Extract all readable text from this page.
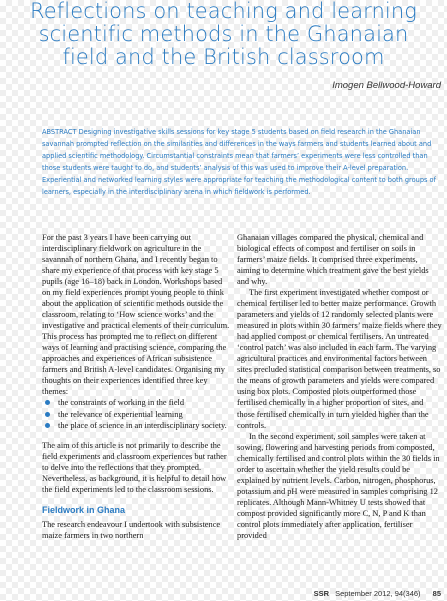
Reflections on teaching and learning
scientific methods in the Ghanaian
field and the British classroom
Imogen Bellwood-Howard
ABSTRACT Designing investigative skills sessions for key stage 5 students based on field research in the Ghanaian savannah prompted reflection on the similarities and differences in the ways farmers and students learned about and applied scientific methodology. Circumstantial constraints mean that farmers’ experiments were less controlled than those students were taught to do, and students’ analysis of this was used to improve their A-level preparation. Experiential and networked learning styles were appropriate for teaching the methodological content to both groups of learners, especially in the interdisciplinary arena in which fieldwork is performed.

For the past 3 years I have been carrying out interdisciplinary fieldwork on agriculture in the savannah of northern Ghana, and I recently began to share my experience of that process with key stage 5 pupils (age 16–18) back in London. Workshops based on my field experiences prompt young people to think about the application of scientific methods outside the classroom, relating to ‘How science works’ and the investigative and practical elements of their curriculum. This process has prompted me to reflect on different ways of learning and practising science, comparing the approaches and experiences of African subsistence farmers and British A-level candidates. Organising my thoughts on their experiences identified three key themes:

the constraints of working in the field
the relevance of experiential learning
the place of science in an interdisciplinary society.

The aim of this article is not primarily to describe the field experiments and classroom experiences but rather to delve into the reflections that they prompted. Nevertheless, as background, it is helpful to detail how the field experiments led to the classroom sessions.

Fieldwork in Ghana

The research endeavour I undertook with subsistence maize farmers in two northern

Ghanaian villages compared the physical, chemical and biological effects of compost and fertiliser on soils in farmers’ maize fields. It comprised three experiments, aiming to determine which treatment gave the best yields and why.

The first experiment investigated whether compost or chemical fertiliser led to better maize performance. Growth parameters and yields of 12 randomly selected plants were measured in plots within 30 farmers’ maize fields where they had applied compost or chemical fertilisers. An untreated ‘control patch’ was also included in each farm. The varying agricultural practices and environmental factors between sites precluded statistical comparison between treatments, so the means of growth parameters and yields were compared using box plots. Composted plots outperformed those fertilised chemically in a higher proportion of sites, and those fertilised chemically in turn yielded higher than the controls.

In the second experiment, soil samples were taken at sowing, flowering and harvesting periods from composted, chemically fertilised and control plots within the 30 fields in order to ascertain whether the yield results could be explained by nutrient levels. Carbon, nitrogen, phosphorus, potassium and pH were measured in samples comprising 12 replicates. Although Mann-Whitney U tests showed that compost provided significantly more C, N, P and K than control plots immediately after application, fertiliser provided

SSR September 2012, 94(346) 85
